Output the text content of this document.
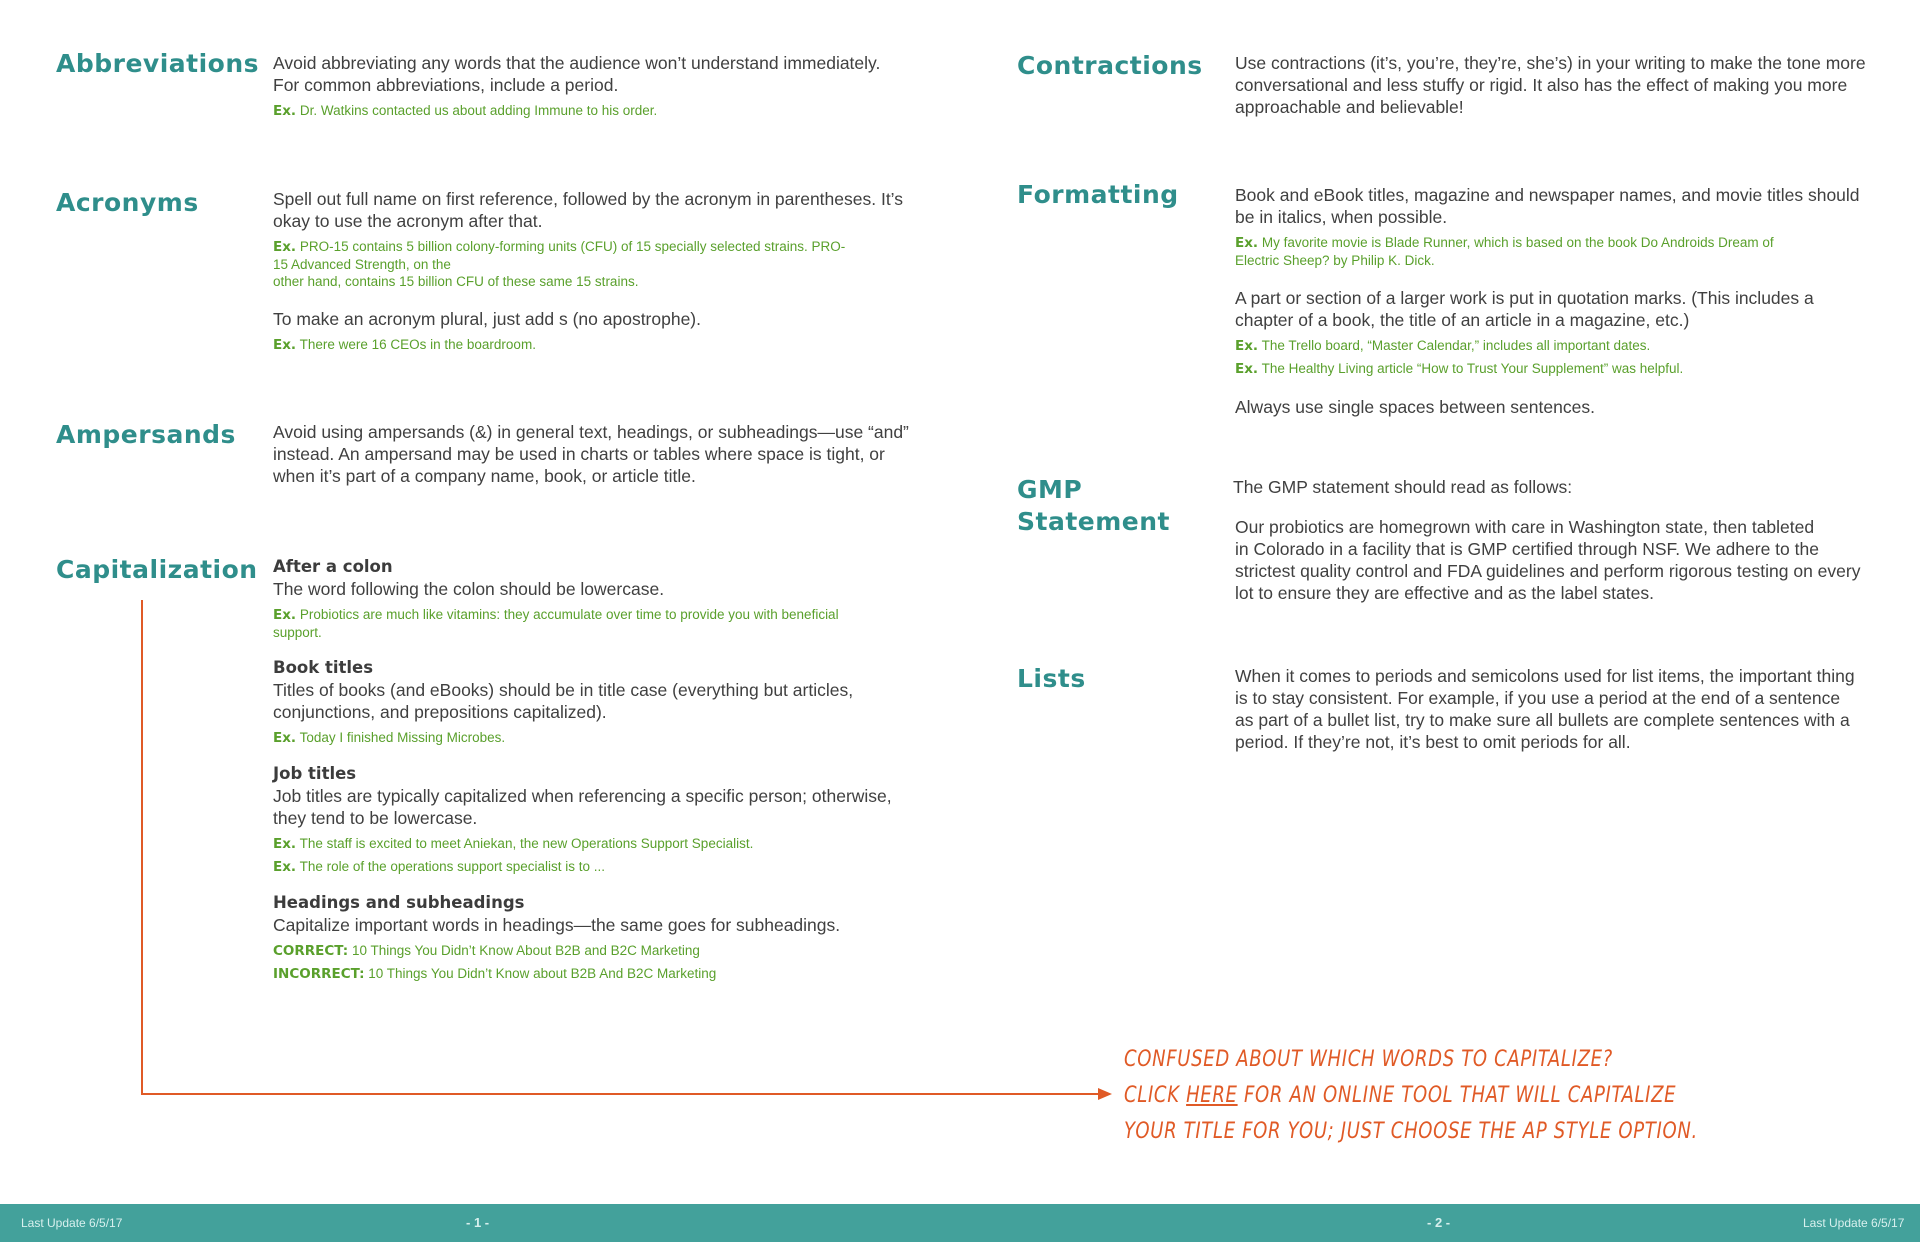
Abbreviations Avoid abbreviating any words that the audience won’t understand immediately.
For common abbreviations, include a period.
Ex. Dr. Watkins contacted us about adding Immune to his order.
Acronyms	Spell out full name on first reference, followed by the acronym in parentheses. It’s
okay to use the acronym after that.
Ex. PRO-15 contains 5 billion colony-forming units (CFU) of 15 specially selected strains. PRO-
15 Advanced Strength, on the
other hand, contains 15 billion CFU of these same 15 strains.
To make an acronym plural, just add s (no apostrophe).
Ex. There were 16 CEOs in the boardroom.
Ampersands Avoid using ampersands (&) in general text, headings, or subheadings—use “and”
instead. An ampersand may be used in charts or tables where space is tight, or
when it’s part of a company name, book, or article title.
Capitalization After a colon
The word following the colon should be lowercase.
Ex. Probiotics are much like vitamins: they accumulate over time to provide you with beneficial
support.
Book titles
Titles of books (and eBooks) should be in title case (everything but articles,
conjunctions, and prepositions capitalized).
Ex. Today I finished Missing Microbes.
Job titles
Job titles are typically capitalized when referencing a specific person; otherwise,
they tend to be lowercase.
Ex. The staff is excited to meet Aniekan, the new Operations Support Specialist.
Ex. The role of the operations support specialist is to ...
Headings and subheadings
Capitalize important words in headings—the same goes for subheadings.
CORRECT: 10 Things You Didn’t Know About B2B and B2C Marketing
INCORRECT: 10 Things You Didn’t Know about B2B And B2C Marketing
Contractions Use contractions (it’s, you’re, they’re, she’s) in your writing to make the tone more
conversational and less stuffy or rigid. It also has the effect of making you more
approachable and believable!
Formatting	Book and eBook titles, magazine and newspaper names, and movie titles should
be in italics, when possible.
Ex. My favorite movie is Blade Runner, which is based on the book Do Androids Dream of
Electric Sheep? by Philip K. Dick.
A part or section of a larger work is put in quotation marks. (This includes a
chapter of a book, the title of an article in a magazine, etc.)
Ex. The Trello board, “Master Calendar,” includes all important dates.
Ex. The Healthy Living article “How to Trust Your Supplement” was helpful.
Always use single spaces between sentences.
GMP
Statement
The GMP statement should read as follows:
Our probiotics are homegrown with care in Washington state, then tableted
in Colorado in a facility that is GMP certified through NSF. We adhere to the
strictest quality control and FDA guidelines and perform rigorous testing on every
lot to ensure they are effective and as the label states.
Lists	When it comes to periods and semicolons used for list items, the important thing
is to stay consistent. For example, if you use a period at the end of a sentence
as part of a bullet list, try to make sure all bullets are complete sentences with a
period. If they’re not, it’s best to omit periods for all.
CONFUSED ABOUT WHICH WORDS TO CAPITALIZE?
CLICK HERE FOR AN ONLINE TOOL THAT WILL CAPITALIZE
YOUR TITLE FOR YOU; JUST CHOOSE THE AP STYLE OPTION.
Last Update 6/5/17	- 1 -	- 2 -	Last Update 6/5/17
